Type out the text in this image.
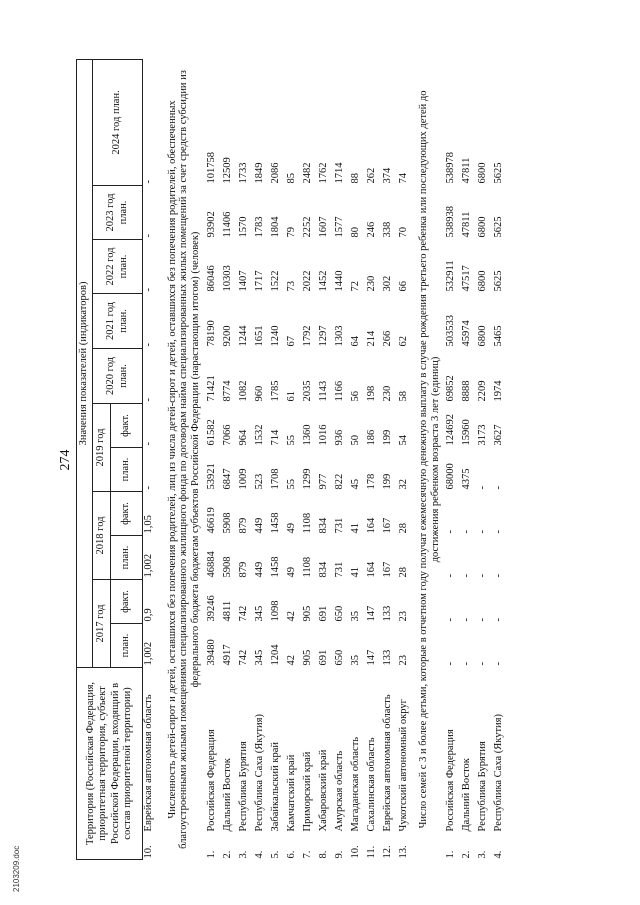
274
Территория (Российская Федерация, приоритетная территория, субъект Российской Федерации, входящий в состав приоритетной территории)		Значения показателей (индикаторов)										
		2017 год		2018 год		2019 год		2020 год план.	2021 год план.	2022 год план.	2023 год план.	2024 год план.
		план.	факт.	план.	факт.	план.	факт.					
10.	Еврейская автономная область	1,002	0,9	1,002	1,05	-	-	-	-	-	-	-
Численность детей-сирот и детей, оставшихся без попечения родителей, лиц из числа детей-сирот и детей, оставшихся без попечения родителей, обеспеченных благоустроенными жилыми помещениями специализированного жилищного фонда по договорам найма специализированных жилых помещений за счет средств субсидии из федерального бюджета бюджетам субъектов Российской Федерации (нарастающим итогом) (человек)												
1.	Российская Федерация	39480	39246	46884	46619	53921	61582	71421	78190	86046	93902	101758
2.	Дальний Восток	4917	4811	5908	5908	6847	7066	8774	9200	10303	11406	12509
3.	Республика Бурятия	742	742	879	879	1009	964	1082	1244	1407	1570	1733
4.	Республика Саха (Якутия)	345	345	449	449	523	1532	960	1651	1717	1783	1849
5.	Забайкальский край	1204	1098	1458	1458	1708	714	1785	1240	1522	1804	2086
6.	Камчатский край	42	42	49	49	55	55	61	67	73	79	85
7.	Приморский край	905	905	1108	1108	1299	1360	2035	1792	2022	2252	2482
8.	Хабаровский край	691	691	834	834	977	1016	1143	1297	1452	1607	1762
9.	Амурская область	650	650	731	731	822	936	1166	1303	1440	1577	1714
10.	Магаданская область	35	35	41	41	45	50	56	64	72	80	88
11.	Сахалинская область	147	147	164	164	178	186	198	214	230	246	262
12.	Еврейская автономная область	133	133	167	167	199	199	230	266	302	338	374
13.	Чукотский автономный округ	23	23	28	28	32	54	58	62	66	70	74
Число семей с 3 и более детьми, которые в отчетном году получат ежемесячную денежную выплату в случае рождения третьего ребенка или последующих детей до достижения ребенком возраста 3 лет (единиц)												
1.	Российская Федерация	-	-	-	-	68000	124692	69852	503533	532911	538938	538978
2.	Дальний Восток	-	-	-	-	4375	15960	8888	45974	47517	47811	47811
3.	Республика Бурятия	-	-	-	-	-	3173	2209	6800	6800	6800	6800
4.	Республика Саха (Якутия)	-	-	-	-	-	3627	1974	5465	5625	5625	5625
2103209.doc
